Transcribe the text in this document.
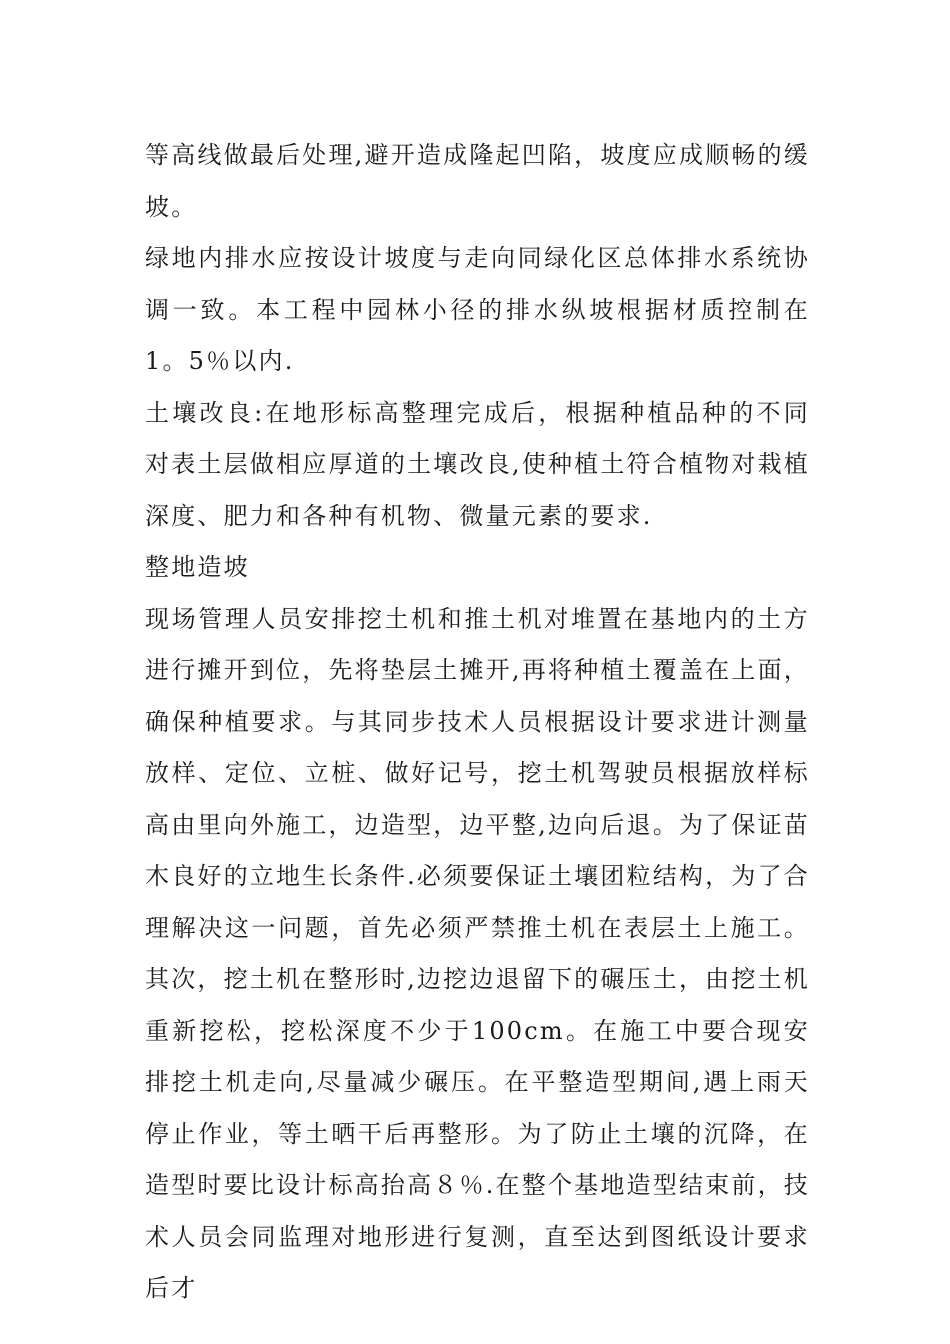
等高线做最后处理,避开造成隆起凹陷，坡度应成顺畅的缓坡。

绿地内排水应按设计坡度与走向同绿化区总体排水系统协调一致。本工程中园林小径的排水纵坡根据材质控制在1。5％以内.

土壤改良:在地形标高整理完成后，根据种植品种的不同对表土层做相应厚道的土壤改良,使种植土符合植物对栽植深度、肥力和各种有机物、微量元素的要求.

整地造坡

现场管理人员安排挖土机和推土机对堆置在基地内的土方进行摊开到位，先将垫层土摊开,再将种植土覆盖在上面，确保种植要求。与其同步技术人员根据设计要求进计测量放样、定位、立桩、做好记号，挖土机驾驶员根据放样标高由里向外施工，边造型，边平整,边向后退。为了保证苗木良好的立地生长条件.必须要保证土壤团粒结构，为了合理解决这一问题，首先必须严禁推土机在表层土上施工。其次，挖土机在整形时,边挖边退留下的碾压土，由挖土机重新挖松，挖松深度不少于100cm。在施工中要合现安排挖土机走向,尽量减少碾压。在平整造型期间,遇上雨天停止作业，等土晒干后再整形。为了防止土壤的沉降，在造型时要比设计标高抬高８％.在整个基地造型结束前，技术人员会同监理对地形进行复测，直至达到图纸设计要求后才
